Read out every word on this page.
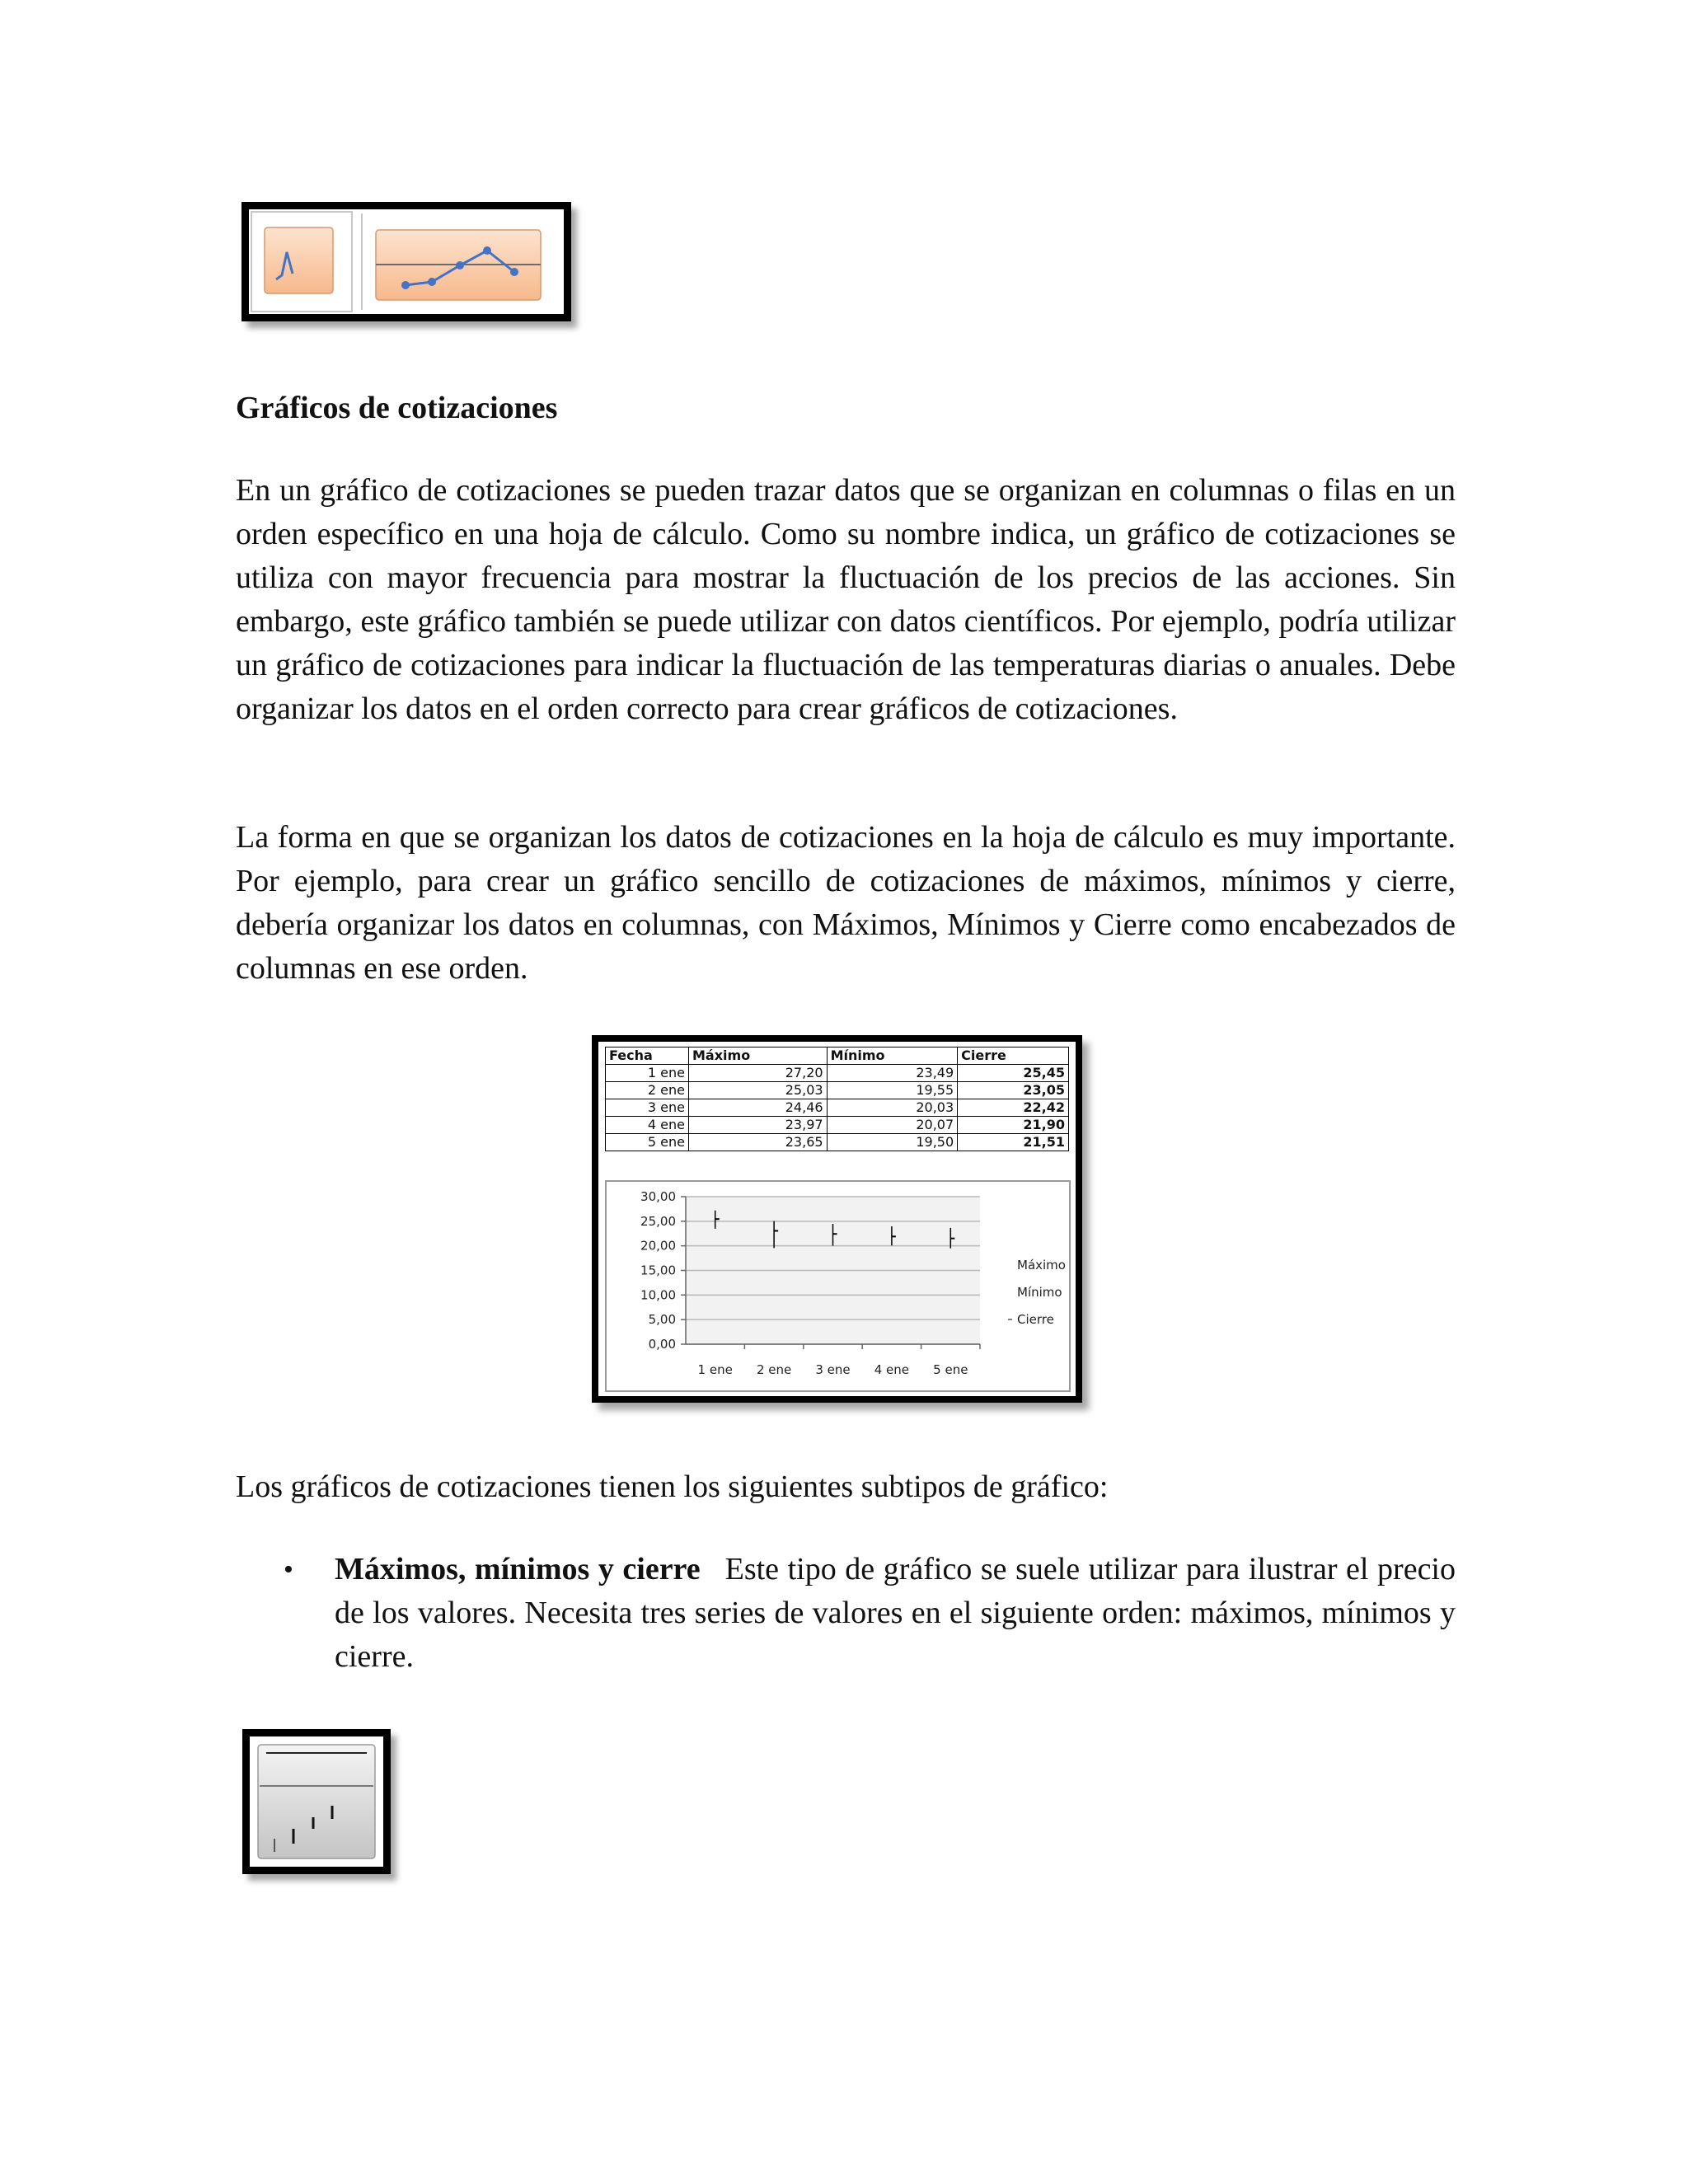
Gráficos de cotizaciones

En un gráfico de cotizaciones se pueden trazar datos que se organizan en columnas o filas en un orden específico en una hoja de cálculo. Como su nombre indica, un gráfico de cotizaciones se utiliza con mayor frecuencia para mostrar la fluctuación de los precios de las acciones. Sin embargo, este gráfico también se puede utilizar con datos científicos. Por ejemplo, podría utilizar un gráfico de cotizaciones para indicar la fluctuación de las temperaturas diarias o anuales. Debe organizar los datos en el orden correcto para crear gráficos de cotizaciones.

La forma en que se organizan los datos de cotizaciones en la hoja de cálculo es muy importante. Por ejemplo, para crear un gráfico sencillo de cotizaciones de máximos, mínimos y cierre, debería organizar los datos en columnas, con Máximos, Mínimos y Cierre como encabezados de columnas en ese orden.

Fecha	Máximo	Mínimo	Cierre
1 ene	27,20	23,49	25,45
2 ene	25,03	19,55	23,05
3 ene	24,46	20,03	22,42
4 ene	23,97	20,07	21,90
5 ene	23,65	19,50	21,51
0,00
5,00
10,00
15,00
20,00
25,00
30,00
1 ene 2 ene 3 ene 4 ene 5 ene
Máximo
Mínimo
Cierre

Los gráficos de cotizaciones tienen los siguientes subtipos de gráfico:

• Máximos, mínimos y cierre Este tipo de gráfico se suele utilizar para ilustrar el precio de los valores. Necesita tres series de valores en el siguiente orden: máximos, mínimos y cierre.
